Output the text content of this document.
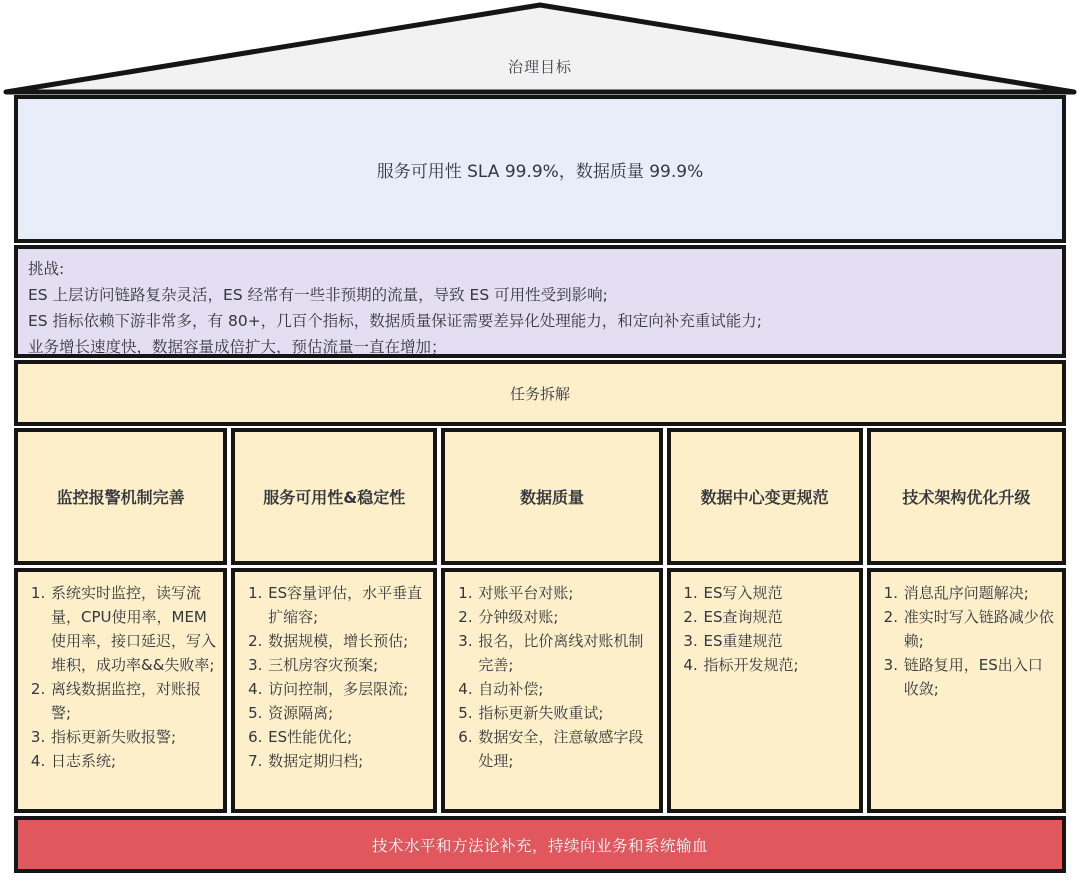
治理目标
服务可用性 SLA 99.9%，数据质量 99.9%
挑战:
ES 上层访问链路复杂灵活，ES 经常有一些非预期的流量，导致 ES 可用性受到影响;
ES 指标依赖下游非常多，有 80+，几百个指标，数据质量保证需要差异化处理能力，和定向补充重试能力;
业务增长速度快，数据容量成倍扩大，预估流量一直在增加；
任务拆解
监控报警机制完善
1. 系统实时监控，读写流量，CPU使用率，MEM使用率，接口延迟，写入堆积，成功率&&失败率;
2. 离线数据监控，对账报警;
3. 指标更新失败报警;
4. 日志系统;
服务可用性&稳定性
1. ES容量评估，水平垂直扩缩容;
2. 数据规模，增长预估;
3. 三机房容灾预案;
4. 访问控制，多层限流;
5. 资源隔离;
6. ES性能优化;
7. 数据定期归档;
数据质量
1. 对账平台对账;
2. 分钟级对账;
3. 报名，比价离线对账机制完善;
4. 自动补偿;
5. 指标更新失败重试;
6. 数据安全，注意敏感字段处理;
数据中心变更规范
1. ES写入规范
2. ES查询规范
3. ES重建规范
4. 指标开发规范;
技术架构优化升级
1. 消息乱序问题解决;
2. 准实时写入链路减少依赖;
3. 链路复用，ES出入口收敛;
技术水平和方法论补充，持续向业务和系统输血
